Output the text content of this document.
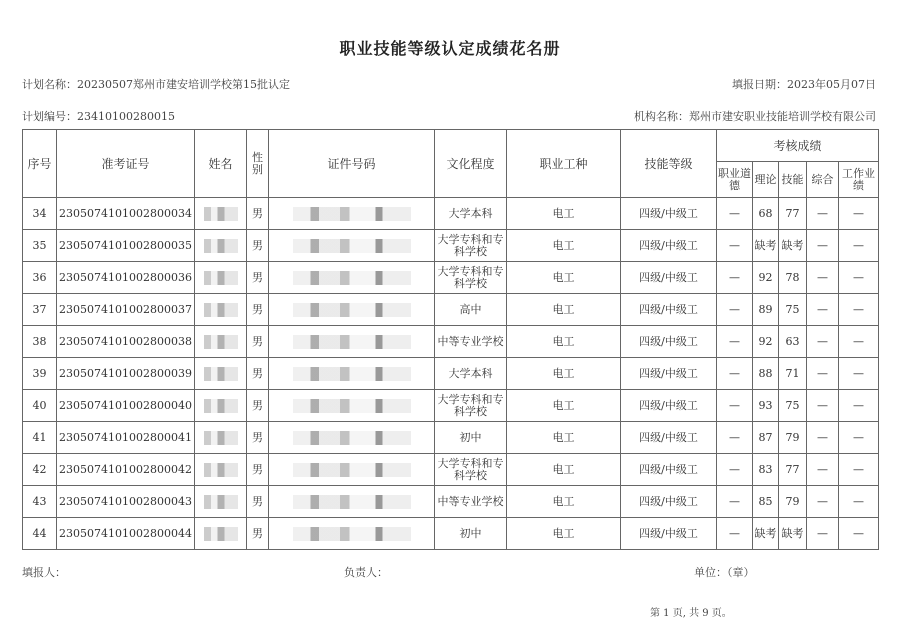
职业技能等级认定成绩花名册
计划名称：20230507郑州市建安培训学校第15批认定	填报日期：2023年05月07日
计划编号：23410100280015	机构名称：郑州市建安职业技能培训学校有限公司
序号	准考证号	姓名	性别	证件号码	文化程度	职业工种	技能等级	考核成绩				
								职业道德	理论	技能	综合	工作业绩
34	230507410100280003​4		男		大学本科	电工	四级/中级工	—	68	77	—	—
35	230507410100280003​5		男		大学专科和专科学校	电工	四级/中级工	—	缺考	缺考	—	—
36	230507410100280003​6		男		大学专科和专科学校	电工	四级/中级工	—	92	78	—	—
37	230507410100280003​7		男		高中	电工	四级/中级工	—	89	75	—	—
38	230507410100280003​8		男		中等专业学校	电工	四级/中级工	—	92	63	—	—
39	230507410100280003​9		男		大学本科	电工	四级/中级工	—	88	71	—	—
40	230507410100280004​0		男		大学专科和专科学校	电工	四级/中级工	—	93	75	—	—
41	230507410100280004​1		男		初中	电工	四级/中级工	—	87	79	—	—
42	230507410100280004​2		男		大学专科和专科学校	电工	四级/中级工	—	83	77	—	—
43	230507410100280004​3		男		中等专业学校	电工	四级/中级工	—	85	79	—	—
44	230507410100280004​4		男		初中	电工	四级/中级工	—	缺考	缺考	—	—
填报人：	负责人：	单位：（章）
第 1 页, 共 9 页。
